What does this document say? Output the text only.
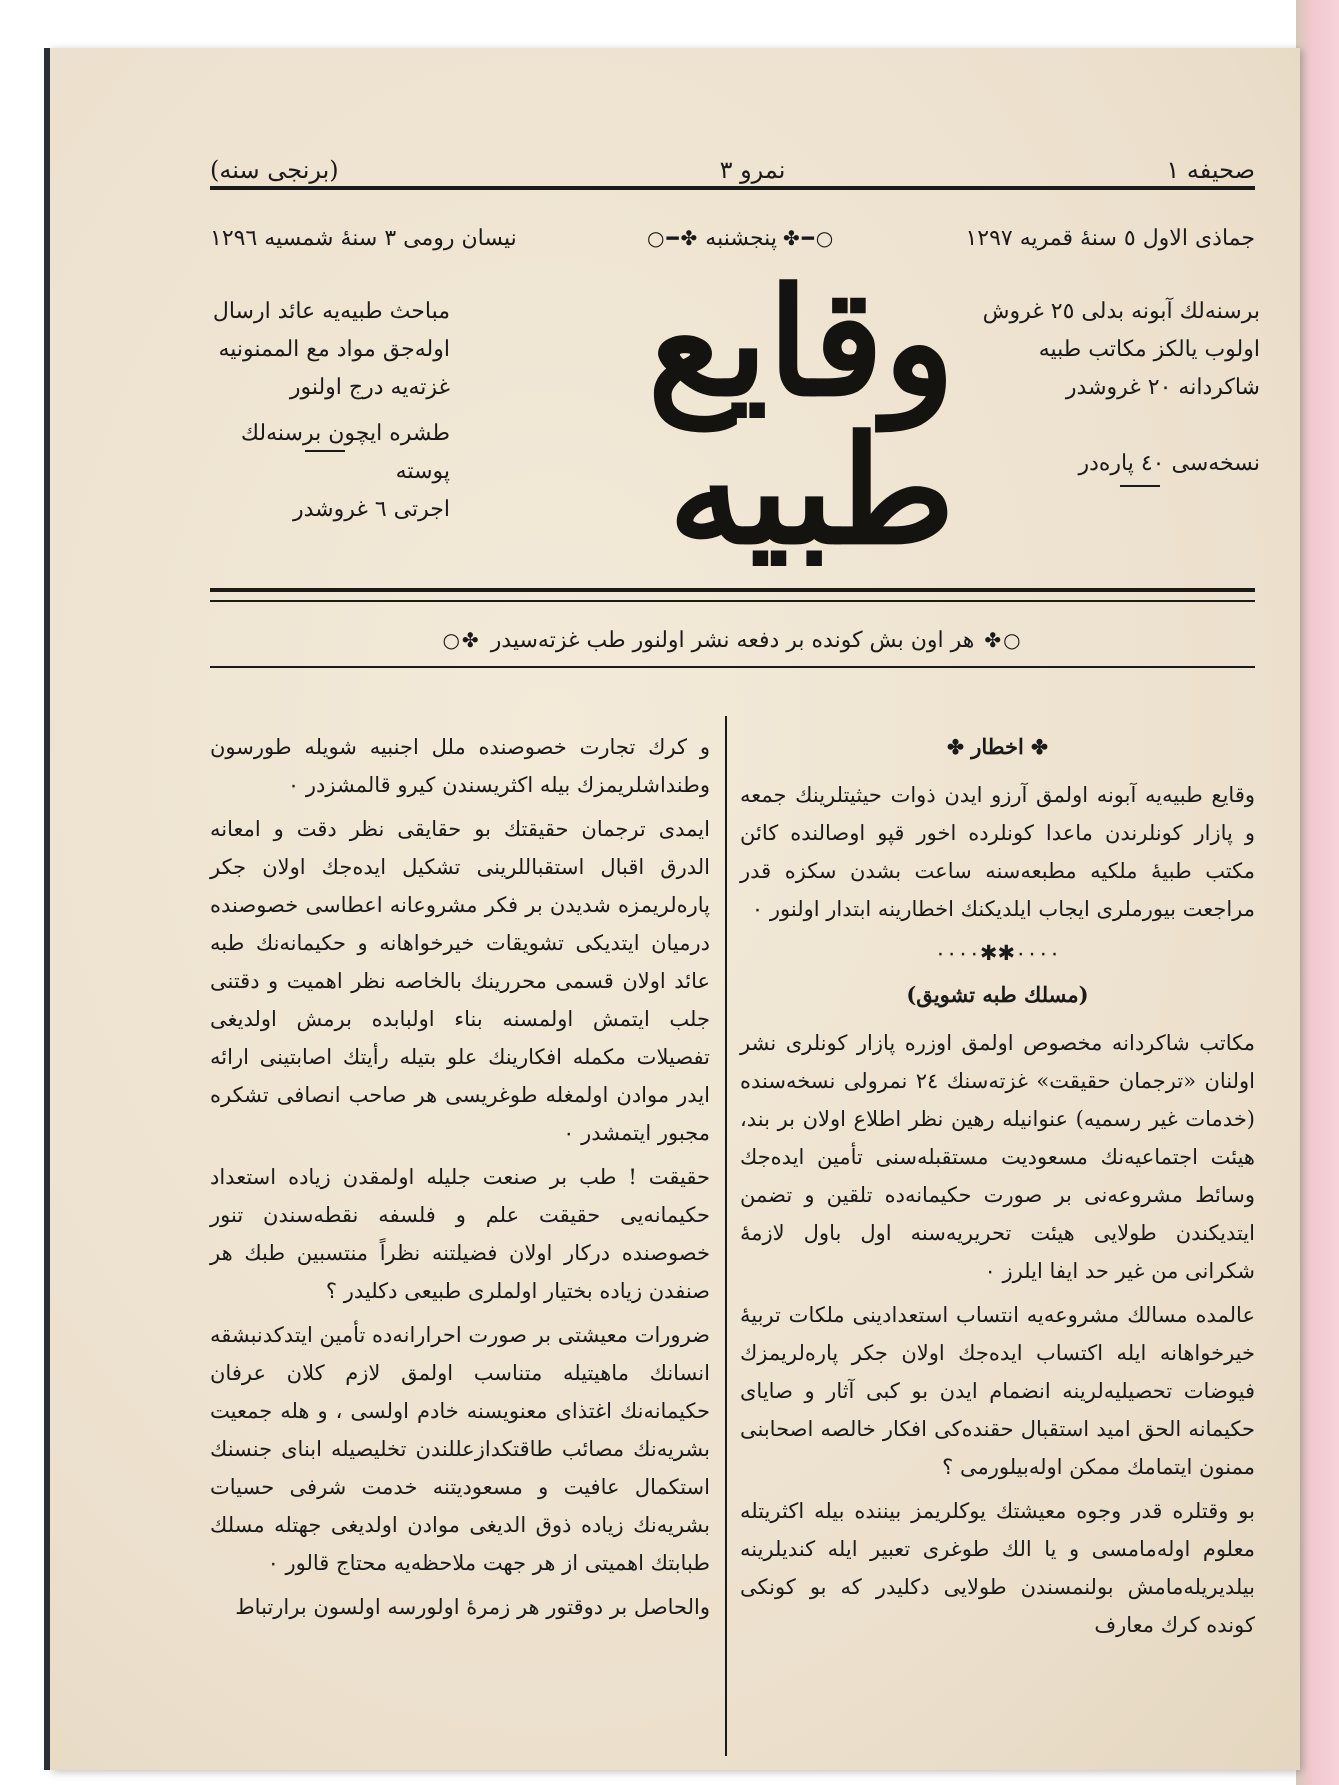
صحیفه ١
نمرو ٣
(برنجی سنه)
جماذی الاول ٥ سنهٔ قمریه ١٢٩٧
○━✤
پنجشنبه
✤━○
نیسان رومی ٣ سنهٔ شمسیه ١٢٩٦

برسنه‌لك آبونه بدلی ٢٥ غروش

اولوب یالکز مکاتب طبیه

شاکردانه ٢٠ غروشدر

نسخه‌سی ٤٠ پاره‌در

وقایع طبیه

مباحث طبیه‌یه عائد ارسال

اوله‌جق مواد مع الممنونیه

غزته‌یه درج اولنور

طشره ایچون برسنه‌لك پوسته

اجرتی ٦ غروشدر

○✤
هر اون بش کونده بر دفعه نشر اولنور طب غزته‌سیدر
✤○
✤ اخطار ✤

وقایع طبیه‌یه آبونه اولمق آرزو ایدن ذوات حیثیتلرینك جمعه و پازار کونلرندن ماعدا کونلرده اخور قپو اوصالنده کائن مکتب طبیهٔ ملکیه مطبعه‌سنه ساعت بشدن سکزه قدر مراجعت بیورملری ایجاب ایلدیکنك اخطارینه ابتدار اولنور ٠

٠٠٠٠✱✱٠٠٠٠
(مسلك طبه تشویق)

مکاتب شاکردانه مخصوص اولمق اوزره پازار کونلری نشر اولنان «ترجمان حقیقت» غزته‌سنك ٢٤ نمرولی نسخه‌سنده (خدمات غیر رسمیه) عنوانیله رهین نظر اطلاع اولان بر بند، هیئت اجتماعیه‌نك مسعودیت مستقبله‌سنی تأمین ایده‌جك وسائط مشروعه‌نی بر صورت حکیمانه‌ده تلقین و تضمن ایتدیکندن طولایی هیئت تحریریه‌سنه اول باول لازمهٔ شکرانی من غیر حد ایفا ایلرز ٠

عالمده مسالك مشروعه‌یه انتساب استعدادینی ملکات تربیهٔ خیرخواهانه ایله اکتساب ایده‌جك اولان جکر پاره‌لریمزك فیوضات تحصیلیه‌لرینه انضمام ایدن بو کبی آثار و صایای حکیمانه الحق امید استقبال حقنده‌کی افکار خالصه اصحابنی ممنون ایتمامك ممکن اوله‌بیلورمی ؟

بو وقتلره قدر وجوه معیشتك یوکلریمز بیننده بیله اکثریتله معلوم اوله‌مامسی و یا الك طوغری تعبیر ایله کندیلرینه بیلدیریله‌مامش بولنمسندن طولایی دکلیدر که بو کونکی کونده کرك معارف

و کرك تجارت خصوصنده ملل اجنبیه شویله طورسون وطنداشلریمزك بیله اکثریسندن کیرو قالمشزدر ٠

ایمدی ترجمان حقیقتك بو حقایقی نظر دقت و امعانه الدرق اقبال استقباللرینی تشکیل ایده‌جك اولان جکر پاره‌لریمزه شدیدن بر فکر مشروعانه اعطاسی خصوصنده درمیان ایتدیکی تشویقات خیرخواهانه و حکیمانه‌نك طبه عائد اولان قسمی محررینك بالخاصه نظر اهمیت و دقتنی جلب ایتمش اولمسنه بناء اولبابده برمش اولدیغی تفصیلات مکمله افکارینك علو بتیله رأیتك اصابتینی ارائه ایدر موادن اولمغله طوغریسی هر صاحب انصافی تشکره مجبور ایتمشدر ٠

حقیقت ! طب بر صنعت جلیله اولمقدن زیاده استعداد حکیمانه‌یی حقیقت علم و فلسفه نقطه‌سندن تنور خصوصنده درکار اولان فضیلتنه نظراً منتسبین طبك هر صنفدن زیاده بختیار اولملری طبیعی دکلیدر ؟

ضرورات معیشتی بر صورت احرارانه‌ده تأمین ایتدکدنبشقه انسانك ماهیتیله متناسب اولمق لازم کلان عرفان حکیمانه‌نك اغتذای معنویسنه خادم اولسی ، و هله جمعیت بشریه‌نك مصائب طاقتکدازعللندن تخلیصیله ابنای جنسنك استکمال عافیت و مسعودیتنه خدمت شرفی حسیات بشریه‌نك زیاده ذوق الدیغی موادن اولدیغی جهتله مسلك طبابتك اهمیتی از هر جهت ملاحظه‌یه محتاج قالور ٠

والحاصل بر دوقتور هر زمرهٔ اولورسه اولسون برارتباط
